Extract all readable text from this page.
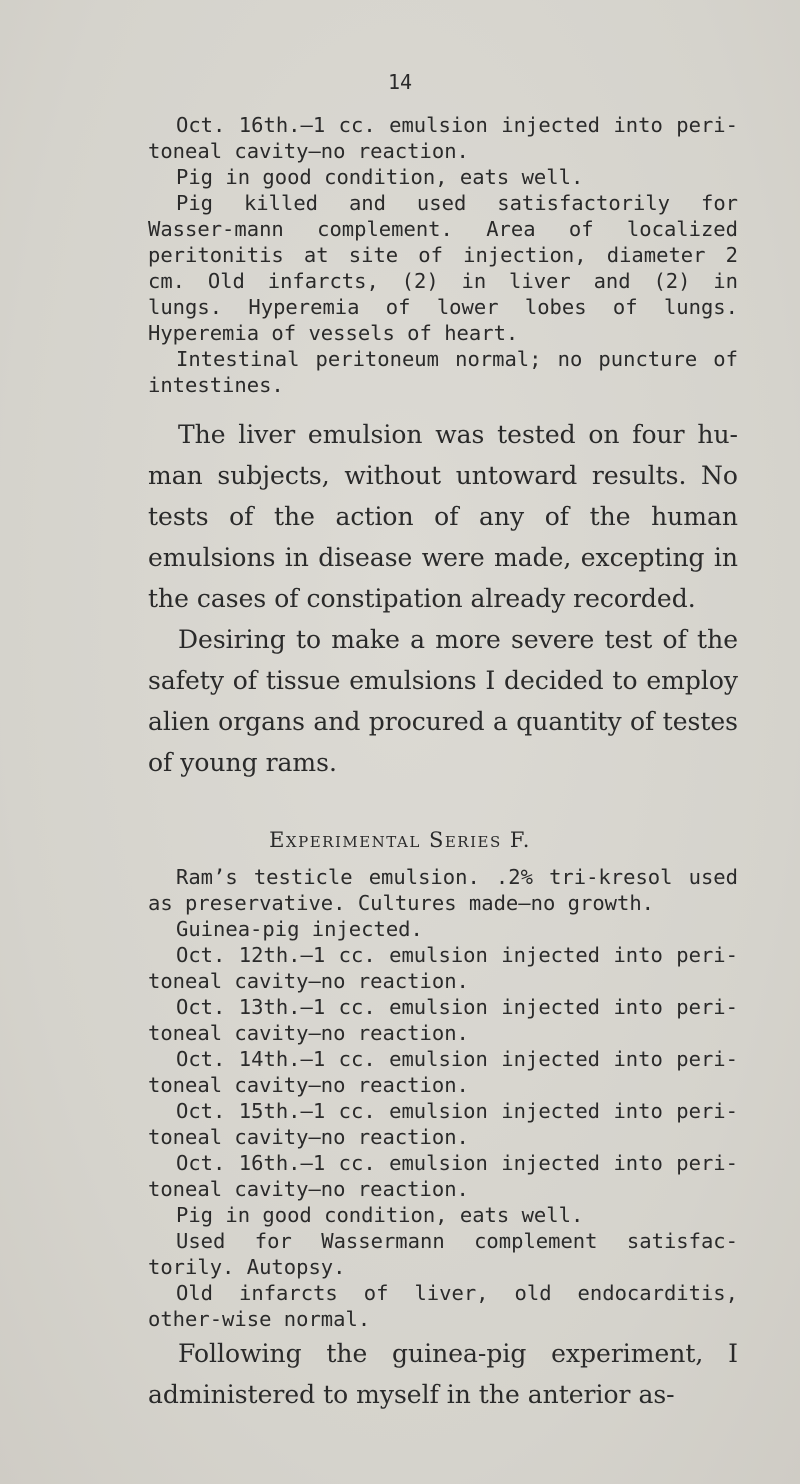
14

Oct. 16th.—1 cc. emulsion injected into peri-toneal cavity—no reaction.

Pig in good condition, eats well.

Pig killed and used satisfactorily for Wasser-mann complement. Area of localized peritonitis at site of injection, diameter 2 cm. Old infarcts, (2) in liver and (2) in lungs. Hyperemia of lower lobes of lungs. Hyperemia of vessels of heart.

Intestinal peritoneum normal; no puncture of intestines.

The liver emulsion was tested on four hu-man subjects, without untoward results. No tests of the action of any of the human emulsions in disease were made, excepting in the cases of constipation already recorded.

Desiring to make a more severe test of the safety of tissue emulsions I decided to employ alien organs and procured a quantity of testes of young rams.

Experimental Series F.

Ram’s testicle emulsion. .2% tri-kresol used as preservative. Cultures made—no growth.

Guinea-pig injected.

Oct. 12th.—1 cc. emulsion injected into peri-toneal cavity—no reaction.

Oct. 13th.—1 cc. emulsion injected into peri-toneal cavity—no reaction.

Oct. 14th.—1 cc. emulsion injected into peri-toneal cavity—no reaction.

Oct. 15th.—1 cc. emulsion injected into peri-toneal cavity—no reaction.

Oct. 16th.—1 cc. emulsion injected into peri-toneal cavity—no reaction.

Pig in good condition, eats well.

Used for Wassermann complement satisfac-torily. Autopsy.

Old infarcts of liver, old endocarditis, other-wise normal.

Following the guinea-pig experiment, I administered to myself in the anterior as-
